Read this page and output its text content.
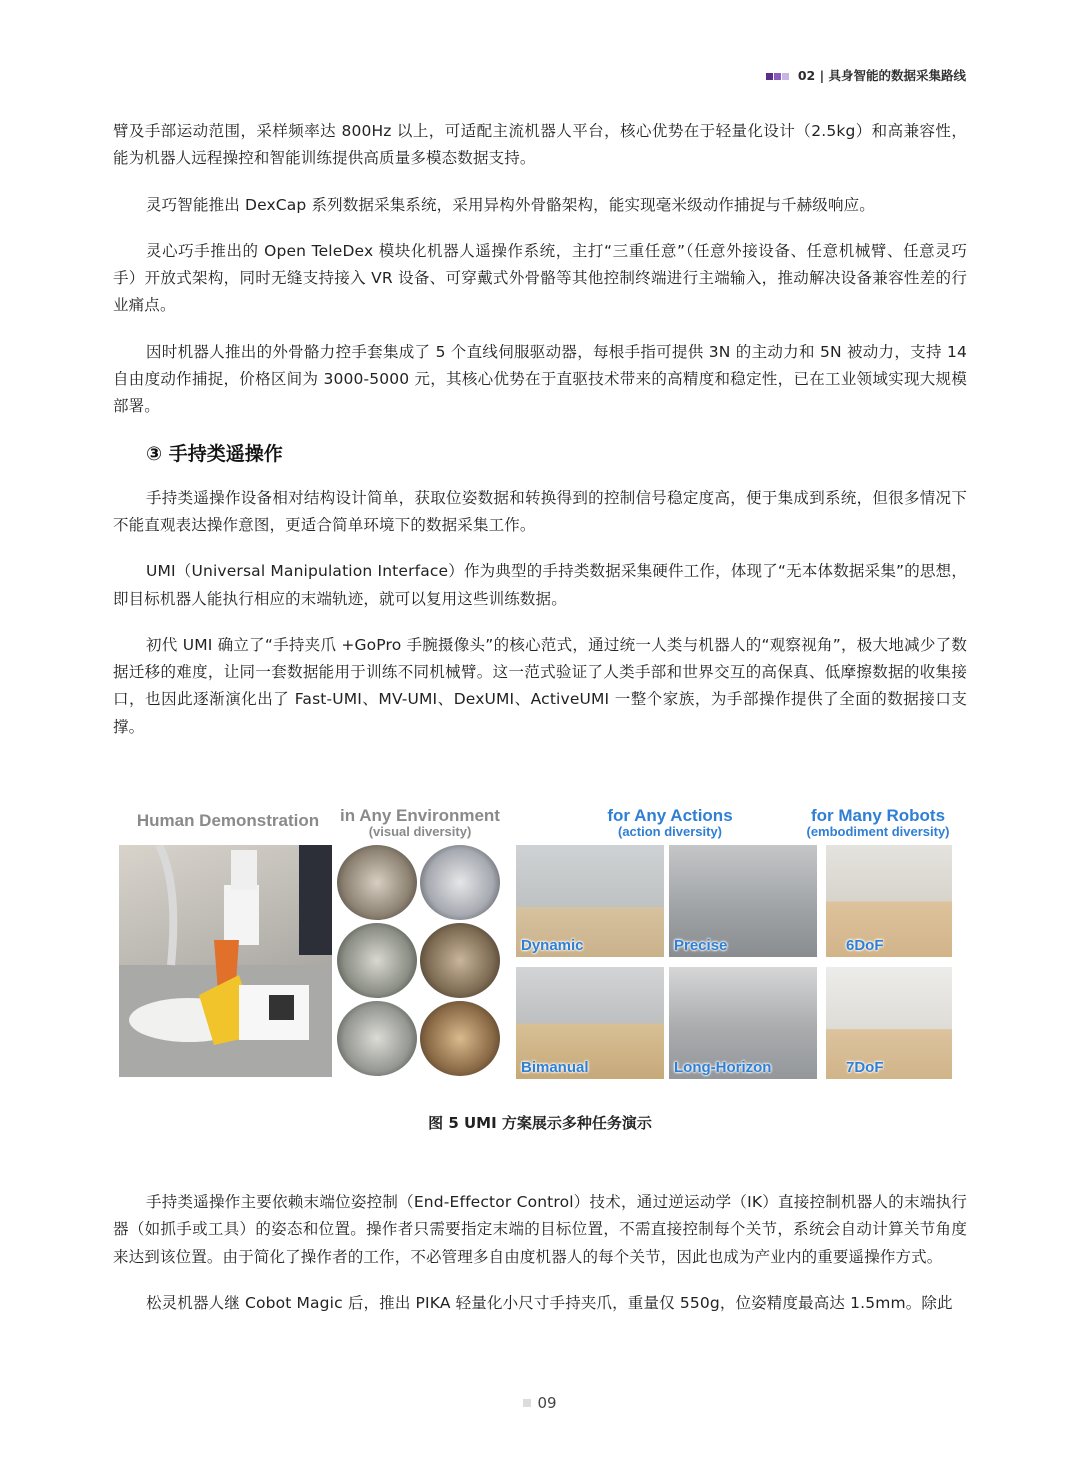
02 | 具身智能的数据采集路线

臂及手部运动范围，采样频率达 800Hz 以上，可适配主流机器人平台，核心优势在于轻量化设计（2.5kg）和高兼容性，能为机器人远程操控和智能训练提供高质量多模态数据支持。

灵巧智能推出 DexCap 系列数据采集系统，采用异构外骨骼架构，能实现毫米级动作捕捉与千赫级响应。

灵心巧手推出的 Open TeleDex 模块化机器人遥操作系统，主打“三重任意”（任意外接设备、任意机械臂、任意灵巧手）开放式架构，同时无缝支持接入 VR 设备、可穿戴式外骨骼等其他控制终端进行主端输入，推动解决设备兼容性差的行业痛点。

因时机器人推出的外骨骼力控手套集成了 5 个直线伺服驱动器，每根手指可提供 3N 的主动力和 5N 被动力，支持 14 自由度动作捕捉，价格区间为 3000-5000 元，其核心优势在于直驱技术带来的高精度和稳定性，已在工业领域实现大规模部署。

③ 手持类遥操作

手持类遥操作设备相对结构设计简单，获取位姿数据和转换得到的控制信号稳定度高，便于集成到系统，但很多情况下不能直观表达操作意图，更适合简单环境下的数据采集工作。

UMI（Universal Manipulation Interface）作为典型的手持类数据采集硬件工作，体现了“无本体数据采集”的思想，即目标机器人能执行相应的末端轨迹，就可以复用这些训练数据。

初代 UMI 确立了“手持夹爪 +GoPro 手腕摄像头”的核心范式，通过统一人类与机器人的“观察视角”，极大地减少了数据迁移的难度，让同一套数据能用于训练不同机械臂。这一范式验证了人类手部和世界交互的高保真、低摩擦数据的收集接口，也因此逐渐演化出了 Fast-UMI、MV-UMI、DexUMI、ActiveUMI 一整个家族，为手部操作提供了全面的数据接口支撑。

Human Demonstration	in Any Environment
(visual diversity)
for Any Actions
(action diversity)
for Many Robots
(embodiment diversity)
Dynamic	Precise	6DoF
Bimanual	Long-Horizon	7DoF
图 5 UMI 方案展示多种任务演示

手持类遥操作主要依赖末端位姿控制（End-Effector Control）技术，通过逆运动学（IK）直接控制机器人的末端执行器（如抓手或工具）的姿态和位置。操作者只需要指定末端的目标位置，不需直接控制每个关节，系统会自动计算关节角度来达到该位置。由于简化了操作者的工作，不必管理多自由度机器人的每个关节，因此也成为产业内的重要遥操作方式。

松灵机器人继 Cobot Magic 后，推出 PIKA 轻量化小尺寸手持夹爪，重量仅 550g，位姿精度最高达 1.5mm。除此

09
